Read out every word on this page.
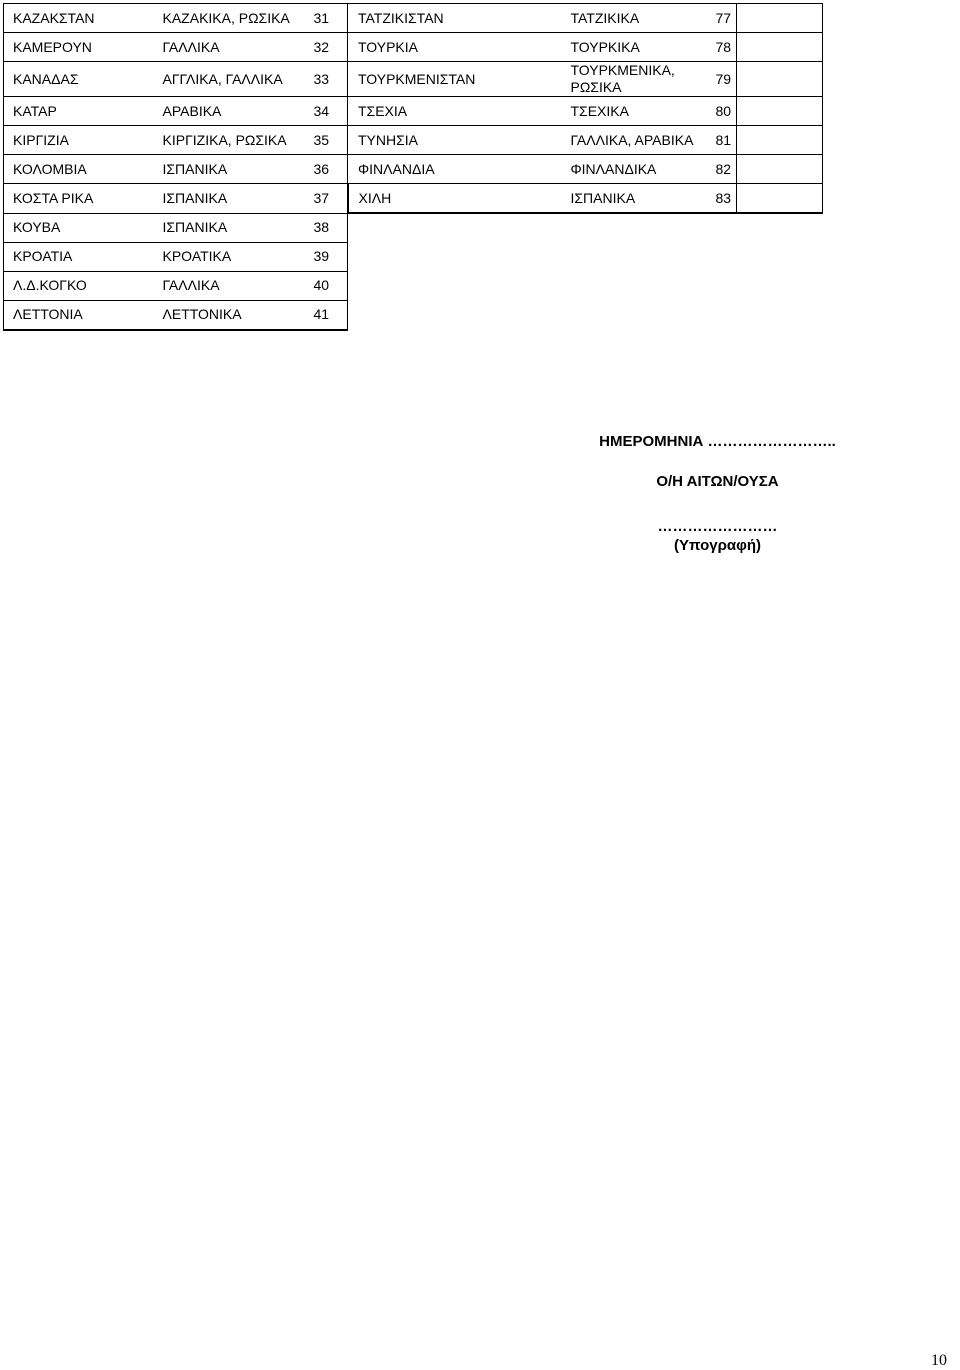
ΚΑΖΑΚΣΤΑΝ	ΚΑΖΑΚΙΚΑ, ΡΩΣΙΚΑ	31	ΤΑΤΖΙΚΙΣΤΑΝ		ΤΑΤΖΙΚΙΚΑ	77	
ΚΑΜΕΡΟΥΝ	ΓΑΛΛΙΚΑ	32	ΤΟΥΡΚΙΑ		ΤΟΥΡΚΙΚΑ	78	
ΚΑΝΑΔΑΣ	ΑΓΓΛΙΚΑ, ΓΑΛΛΙΚΑ	33	ΤΟΥΡΚΜΕΝΙΣΤΑΝ		ΤΟΥΡΚΜΕΝΙΚΑ, ΡΩΣΙΚΑ	79	
ΚΑΤΑΡ	ΑΡΑΒΙΚΑ	34	ΤΣΕΧΙΑ		ΤΣΕΧΙΚΑ	80	
ΚΙΡΓΙΖΙΑ	ΚΙΡΓΙΖΙΚΑ, ΡΩΣΙΚΑ	35	ΤΥΝΗΣΙΑ		ΓΑΛΛΙΚΑ, ΑΡΑΒΙΚΑ	81	
ΚΟΛΟΜΒΙΑ	ΙΣΠΑΝΙΚΑ	36	ΦΙΝΛΑΝΔΙΑ		ΦΙΝΛΑΝΔΙΚΑ	82	
ΚΟΣΤΑ ΡΙΚΑ	ΙΣΠΑΝΙΚΑ	37	ΧΙΛΗ		ΙΣΠΑΝΙΚΑ	83	
ΚΟΥΒΑ	ΙΣΠΑΝΙΚΑ	38					
ΚΡΟΑΤΙΑ	ΚΡΟΑΤΙΚΑ	39					
Λ.Δ.ΚΟΓΚΟ	ΓΑΛΛΙΚΑ	40					
ΛΕΤΤΟΝΙΑ	ΛΕΤΤΟΝΙΚΑ	41					
ΗΜΕΡΟΜΗΝΙΑ ……………………..
Ο/Η ΑΙΤΩΝ/ΟΥΣΑ
……………………
(Υπογραφή)
10
